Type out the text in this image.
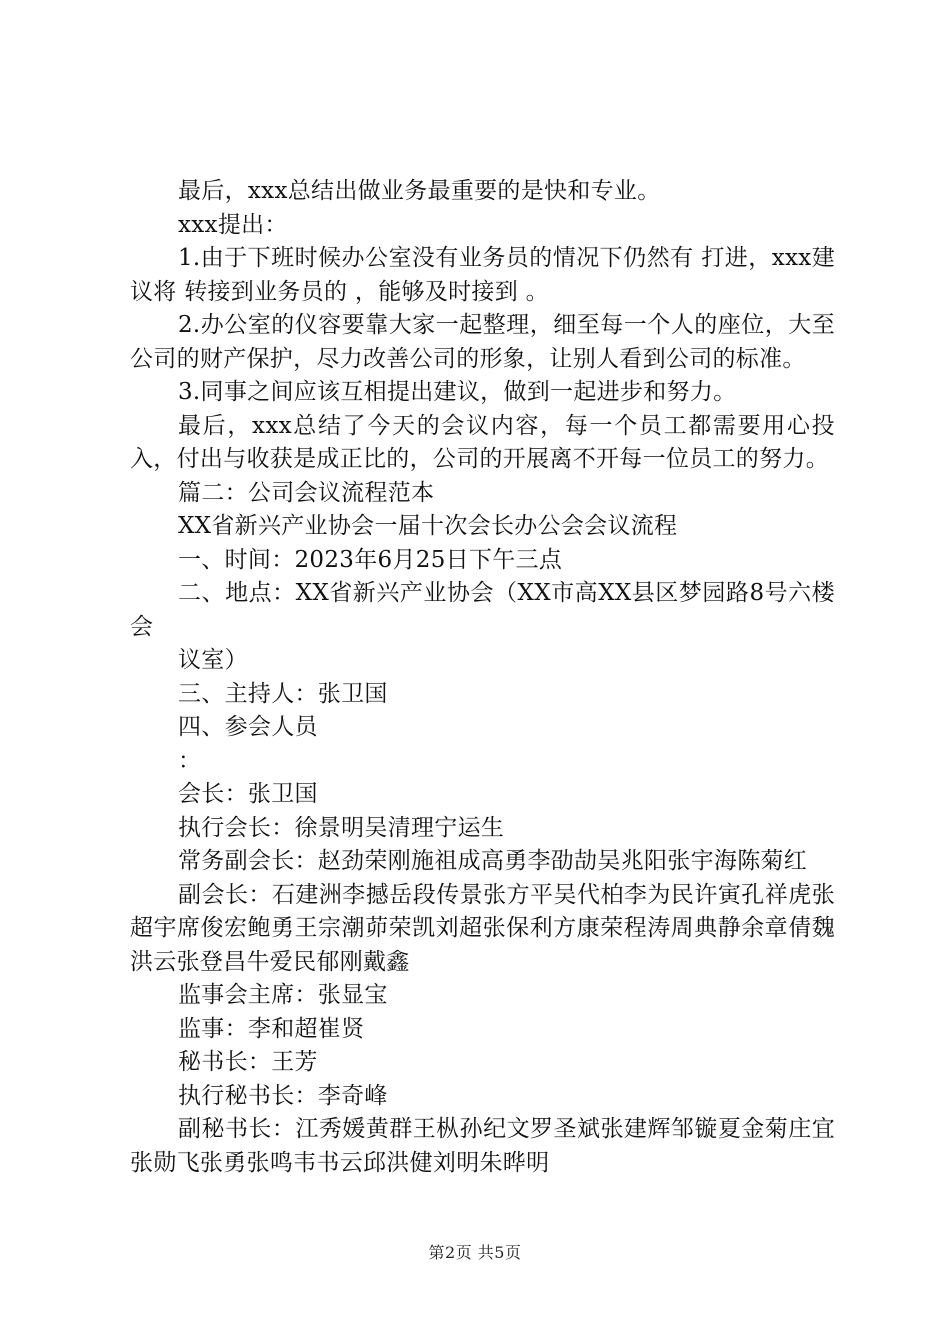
最后，xxx总结出做业务最重要的是快和专业。

xxx提出：

1.由于下班时候办公室没有业务员的情况下仍然有 打进，xxx建议将 转接到业务员的 ，能够及时接到 。

2.办公室的仪容要靠大家一起整理，细至每一个人的座位，大至公司的财产保护，尽力改善公司的形象，让别人看到公司的标准。

3.同事之间应该互相提出建议，做到一起进步和努力。

最后，xxx总结了今天的会议内容，每一个员工都需要用心投入，付出与收获是成正比的，公司的开展离不开每一位员工的努力。

篇二：公司会议流程范本

XX省新兴产业协会一届十次会长办公会会议流程

一、时间：2023年6月25日下午三点

二、地点：XX省新兴产业协会（XX市高XX县区梦园路8号六楼会

议室）

三、主持人：张卫国

四、参会人员

：

会长：张卫国

执行会长：徐景明吴清理宁运生

常务副会长：赵劲荣刚施祖成高勇李劭劼吴兆阳张宇海陈菊红

副会长：石建洲李撼岳段传景张方平吴代柏李为民许寅孔祥虎张超宇席俊宏鲍勇王宗潮茆荣凯刘超张保利方康荣程涛周典静余章倩魏洪云张登昌牛爱民郁刚戴鑫

监事会主席：张显宝

监事：李和超崔贤

秘书长：王芳

执行秘书长：李奇峰

副秘书长：江秀媛黄群王枞孙纪文罗圣斌张建辉邹镟夏金菊庄宜张勋飞张勇张鸣韦书云邱洪健刘明朱晔明

第2页 共5页
